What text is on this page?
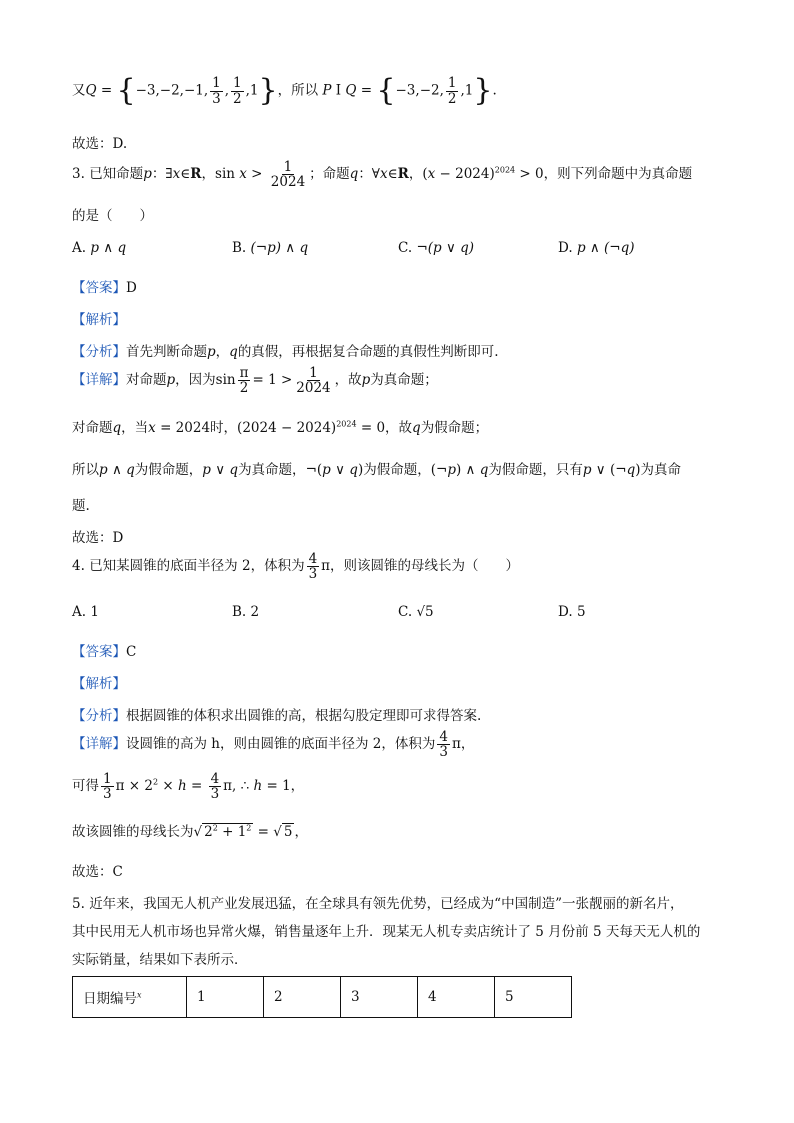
又Q = {−3,−2,−1, $\frac{1}{3}$ , $\frac{1}{2} ,1$}，所以 P I Q = {−3,−2, $\frac{1}{2} ,1$}.
故选：D.
3. 已知命题p：∃x∈R，$\sin x > \frac{1}{2024}$ ；命题q：∀x∈R，$(x - 2024)^{2024} > 0$，则下列命题中为真命题
的是（　　）
A. p ∧ q	B. (¬p) ∧ q	C. ¬(p ∨ q)	D. p ∧ (¬q)
【答案】D
【解析】
【分析】首先判断命题p，q的真假，再根据复合命题的真假性判断即可.
【详解】对命题p，因为$\sin \frac{\pi}{2} = 1 > \frac{1}{2024}$ ，故p为真命题；
对命题q，当x = 2024时，$(2024 - 2024)^{2024} = 0$，故q为假命题；
所以p ∧ q为假命题，p ∨ q为真命题，¬(p ∨ q)为假命题，(¬p) ∧ q为假命题，只有p ∨ (¬q)为真命
题.
故选：D
4. 已知某圆锥的底面半径为 2，体积为 $\frac{4}{3}$ π，则该圆锥的母线长为（　　）
A. 1	B. 2	C. √5	D. 5
【答案】C
【解析】
【分析】根据圆锥的体积求出圆锥的高，根据勾股定理即可求得答案.
【详解】设圆锥的高为 h，则由圆锥的底面半径为 2，体积为 $\frac{4}{3}$ π，
可得 $\frac{1}{3}$ $\pi \times 2^2 \times h = \frac{4}{3} \pi$, ∴ h = 1，
故该圆锥的母线长为√ $2^2 + 1^2$ = √ 5 ，
故选：C
5. 近年来，我国无人机产业发展迅猛，在全球具有领先优势，已经成为“中国制造”一张靓丽的新名片，
其中民用无人机市场也异常火爆，销售量逐年上升．现某无人机专卖店统计了 5 月份前 5 天每天无人机的
实际销量，结果如下表所示．
日期编号$^x$	1	2	3	4	5
